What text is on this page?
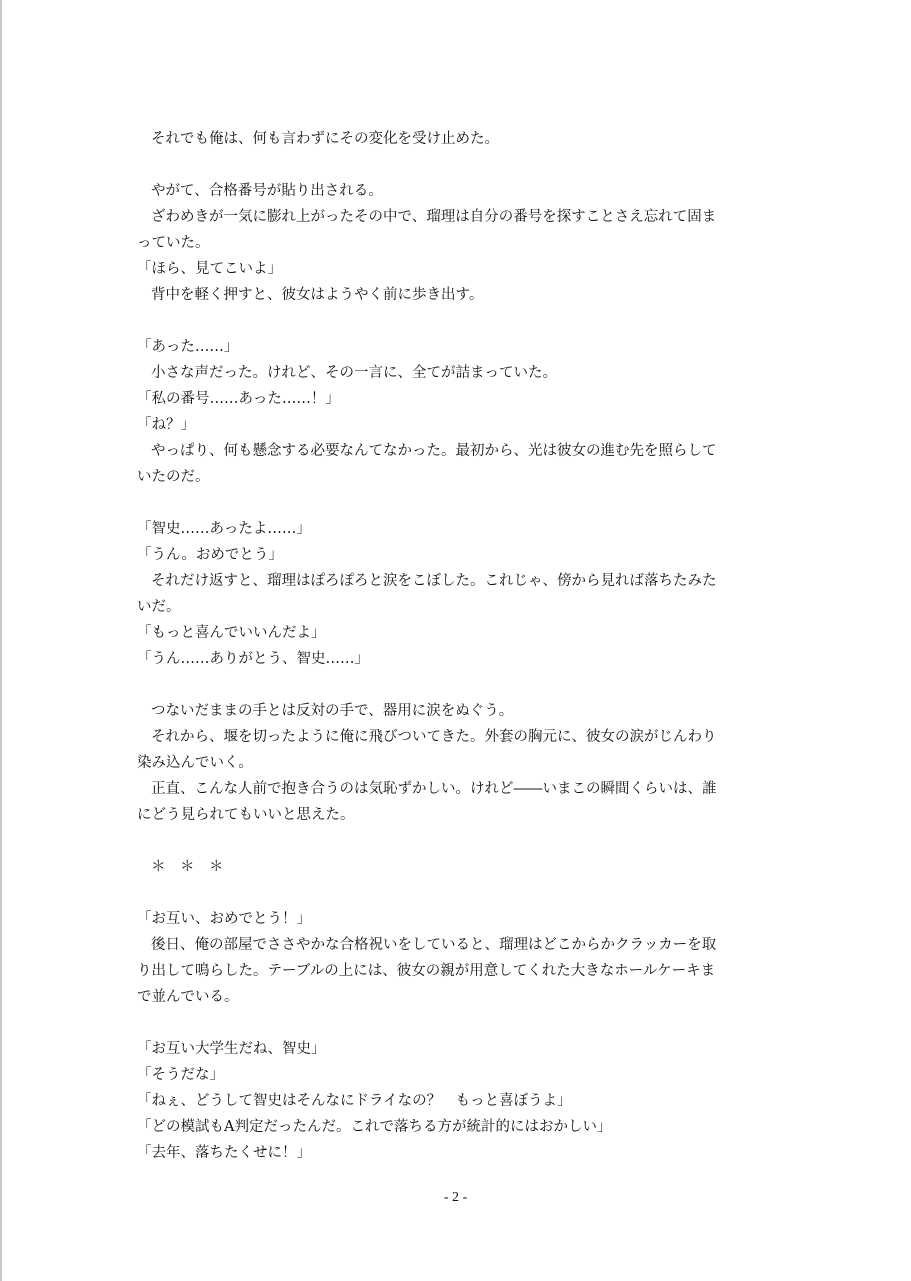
それでも俺は、何も言わずにその変化を受け止めた。
やがて、合格番号が貼り出される。
ざわめきが一気に膨れ上がったその中で、瑠理は自分の番号を探すことさえ忘れて固ま
っていた。
「ほら、見てこいよ」
背中を軽く押すと、彼女はようやく前に歩き出す。
「あった……」
小さな声だった。けれど、その一言に、全てが詰まっていた。
「私の番号……あった……！」
「ね？」
やっぱり、何も懸念する必要なんてなかった。最初から、光は彼女の進む先を照らして
いたのだ。
「智史……あったよ……」
「うん。おめでとう」
それだけ返すと、瑠理はぽろぽろと涙をこぼした。これじゃ、傍から見れば落ちたみた
いだ。
「もっと喜んでいいんだよ」
「うん……ありがとう、智史……」
つないだままの手とは反対の手で、器用に涙をぬぐう。
それから、堰を切ったように俺に飛びついてきた。外套の胸元に、彼女の涙がじんわり
染み込んでいく。
正直、こんな人前で抱き合うのは気恥ずかしい。けれど――いまこの瞬間くらいは、誰
にどう見られてもいいと思えた。
＊　＊　＊
「お互い、おめでとう！」
後日、俺の部屋でささやかな合格祝いをしていると、瑠理はどこからかクラッカーを取
り出して鳴らした。テーブルの上には、彼女の親が用意してくれた大きなホールケーキま
で並んでいる。
「お互い大学生だね、智史」
「そうだな」
「ねぇ、どうして智史はそんなにドライなの？　もっと喜ぼうよ」
「どの模試もA判定だったんだ。これで落ちる方が統計的にはおかしい」
「去年、落ちたくせに！」
- 2 -
